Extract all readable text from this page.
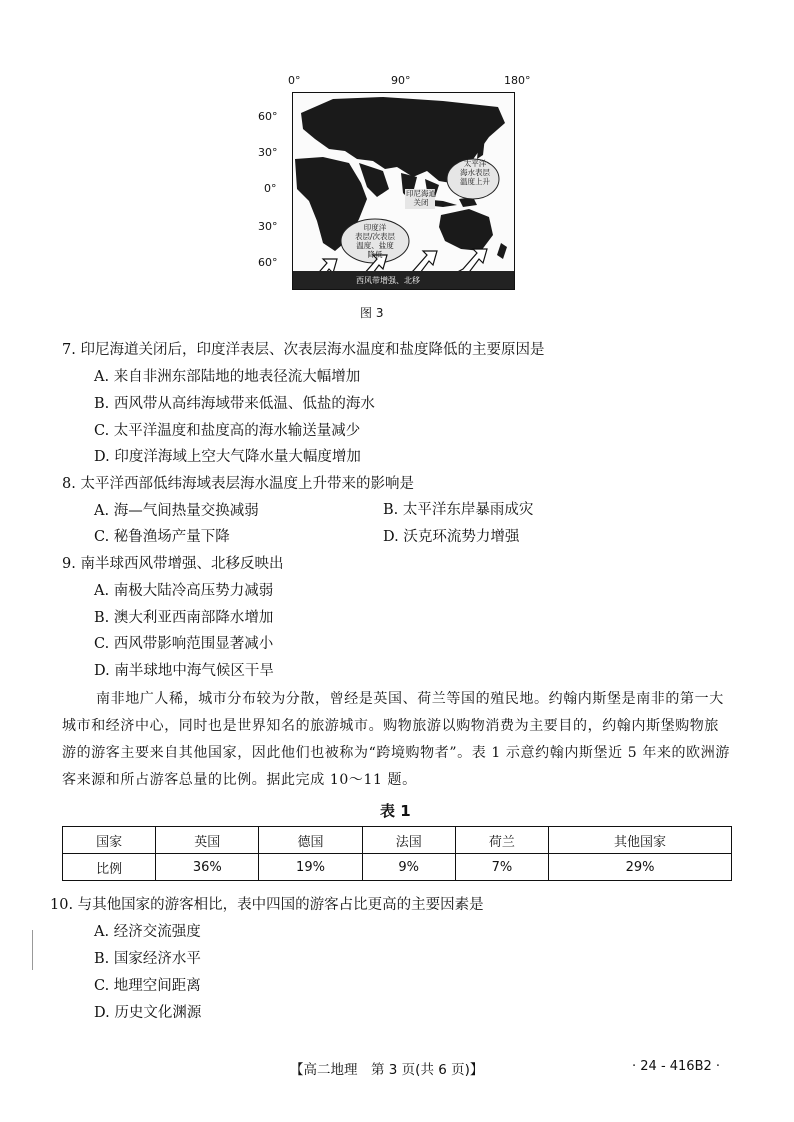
0°	90°	180°
60°
30°
0°
30°
60°
太平洋
海水表层
温度上升
印尼海道
关闭
印度洋
表层/次表层
温度、盐度
降低
西风带增强、北移
图 3
7. 印尼海道关闭后，印度洋表层、次表层海水温度和盐度降低的主要原因是
A. 来自非洲东部陆地的地表径流大幅增加
B. 西风带从高纬海域带来低温、低盐的海水
C. 太平洋温度和盐度高的海水输送量减少
D. 印度洋海域上空大气降水量大幅度增加
8. 太平洋西部低纬海域表层海水温度上升带来的影响是
A. 海—气间热量交换减弱	B. 太平洋东岸暴雨成灾
C. 秘鲁渔场产量下降	D. 沃克环流势力增强
9. 南半球西风带增强、北移反映出
A. 南极大陆冷高压势力减弱
B. 澳大利亚西南部降水增加
C. 西风带影响范围显著减小
D. 南半球地中海气候区干旱
南非地广人稀，城市分布较为分散，曾经是英国、荷兰等国的殖民地。约翰内斯堡是南非的第一大城市和经济中心，同时也是世界知名的旅游城市。购物旅游以购物消费为主要目的，约翰内斯堡购物旅游的游客主要来自其他国家，因此他们也被称为“跨境购物者”。表 1 示意约翰内斯堡近 5 年来的欧洲游客来源和所占游客总量的比例。据此完成 10～11 题。
表 1
国家	英国	德国	法国	荷兰	其他国家
比例	36%	19%	9%	7%	29%
10. 与其他国家的游客相比，表中四国的游客占比更高的主要因素是
A. 经济交流强度
B. 国家经济水平
C. 地理空间距离
D. 历史文化渊源
【高二地理　第 3 页(共 6 页)】	· 24 - 416B2 ·
